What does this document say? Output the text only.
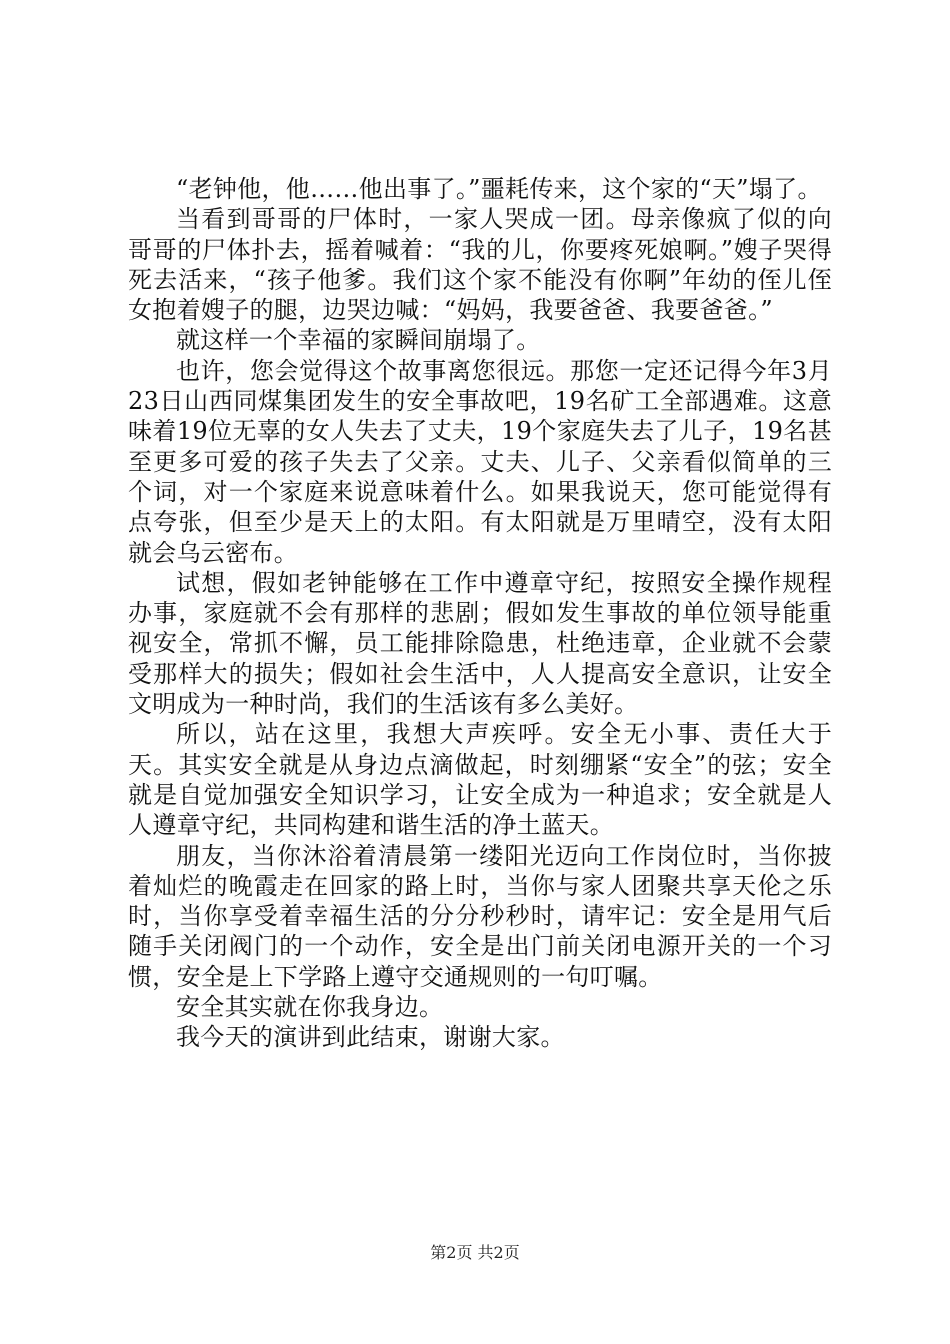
“老钟他，他……他出事了。”噩耗传来，这个家的“天”塌了。

当看到哥哥的尸体时，一家人哭成一团。母亲像疯了似的向哥哥的尸体扑去，摇着喊着：“我的儿，你要疼死娘啊。”嫂子哭得死去活来，“孩子他爹。我们这个家不能没有你啊”年幼的侄儿侄女抱着嫂子的腿，边哭边喊：“妈妈，我要爸爸、我要爸爸。”

就这样一个幸福的家瞬间崩塌了。

也许，您会觉得这个故事离您很远。那您一定还记得今年3月23日山西同煤集团发生的安全事故吧，19名矿工全部遇难。这意味着19位无辜的女人失去了丈夫，19个家庭失去了儿子，19名甚至更多可爱的孩子失去了父亲。丈夫、儿子、父亲看似简单的三个词，对一个家庭来说意味着什么。如果我说天，您可能觉得有点夸张，但至少是天上的太阳。有太阳就是万里晴空，没有太阳就会乌云密布。

试想，假如老钟能够在工作中遵章守纪，按照安全操作规程办事，家庭就不会有那样的悲剧；假如发生事故的单位领导能重视安全，常抓不懈，员工能排除隐患，杜绝违章，企业就不会蒙受那样大的损失；假如社会生活中，人人提高安全意识，让安全文明成为一种时尚，我们的生活该有多么美好。

所以，站在这里，我想大声疾呼。安全无小事、责任大于天。其实安全就是从身边点滴做起，时刻绷紧“安全”的弦；安全就是自觉加强安全知识学习，让安全成为一种追求；安全就是人人遵章守纪，共同构建和谐生活的净土蓝天。

朋友，当你沐浴着清晨第一缕阳光迈向工作岗位时，当你披着灿烂的晚霞走在回家的路上时，当你与家人团聚共享天伦之乐时，当你享受着幸福生活的分分秒秒时，请牢记：安全是用气后随手关闭阀门的一个动作，安全是出门前关闭电源开关的一个习惯，安全是上下学路上遵守交通规则的一句叮嘱。

安全其实就在你我身边。

我今天的演讲到此结束，谢谢大家。

第2页 共2页
